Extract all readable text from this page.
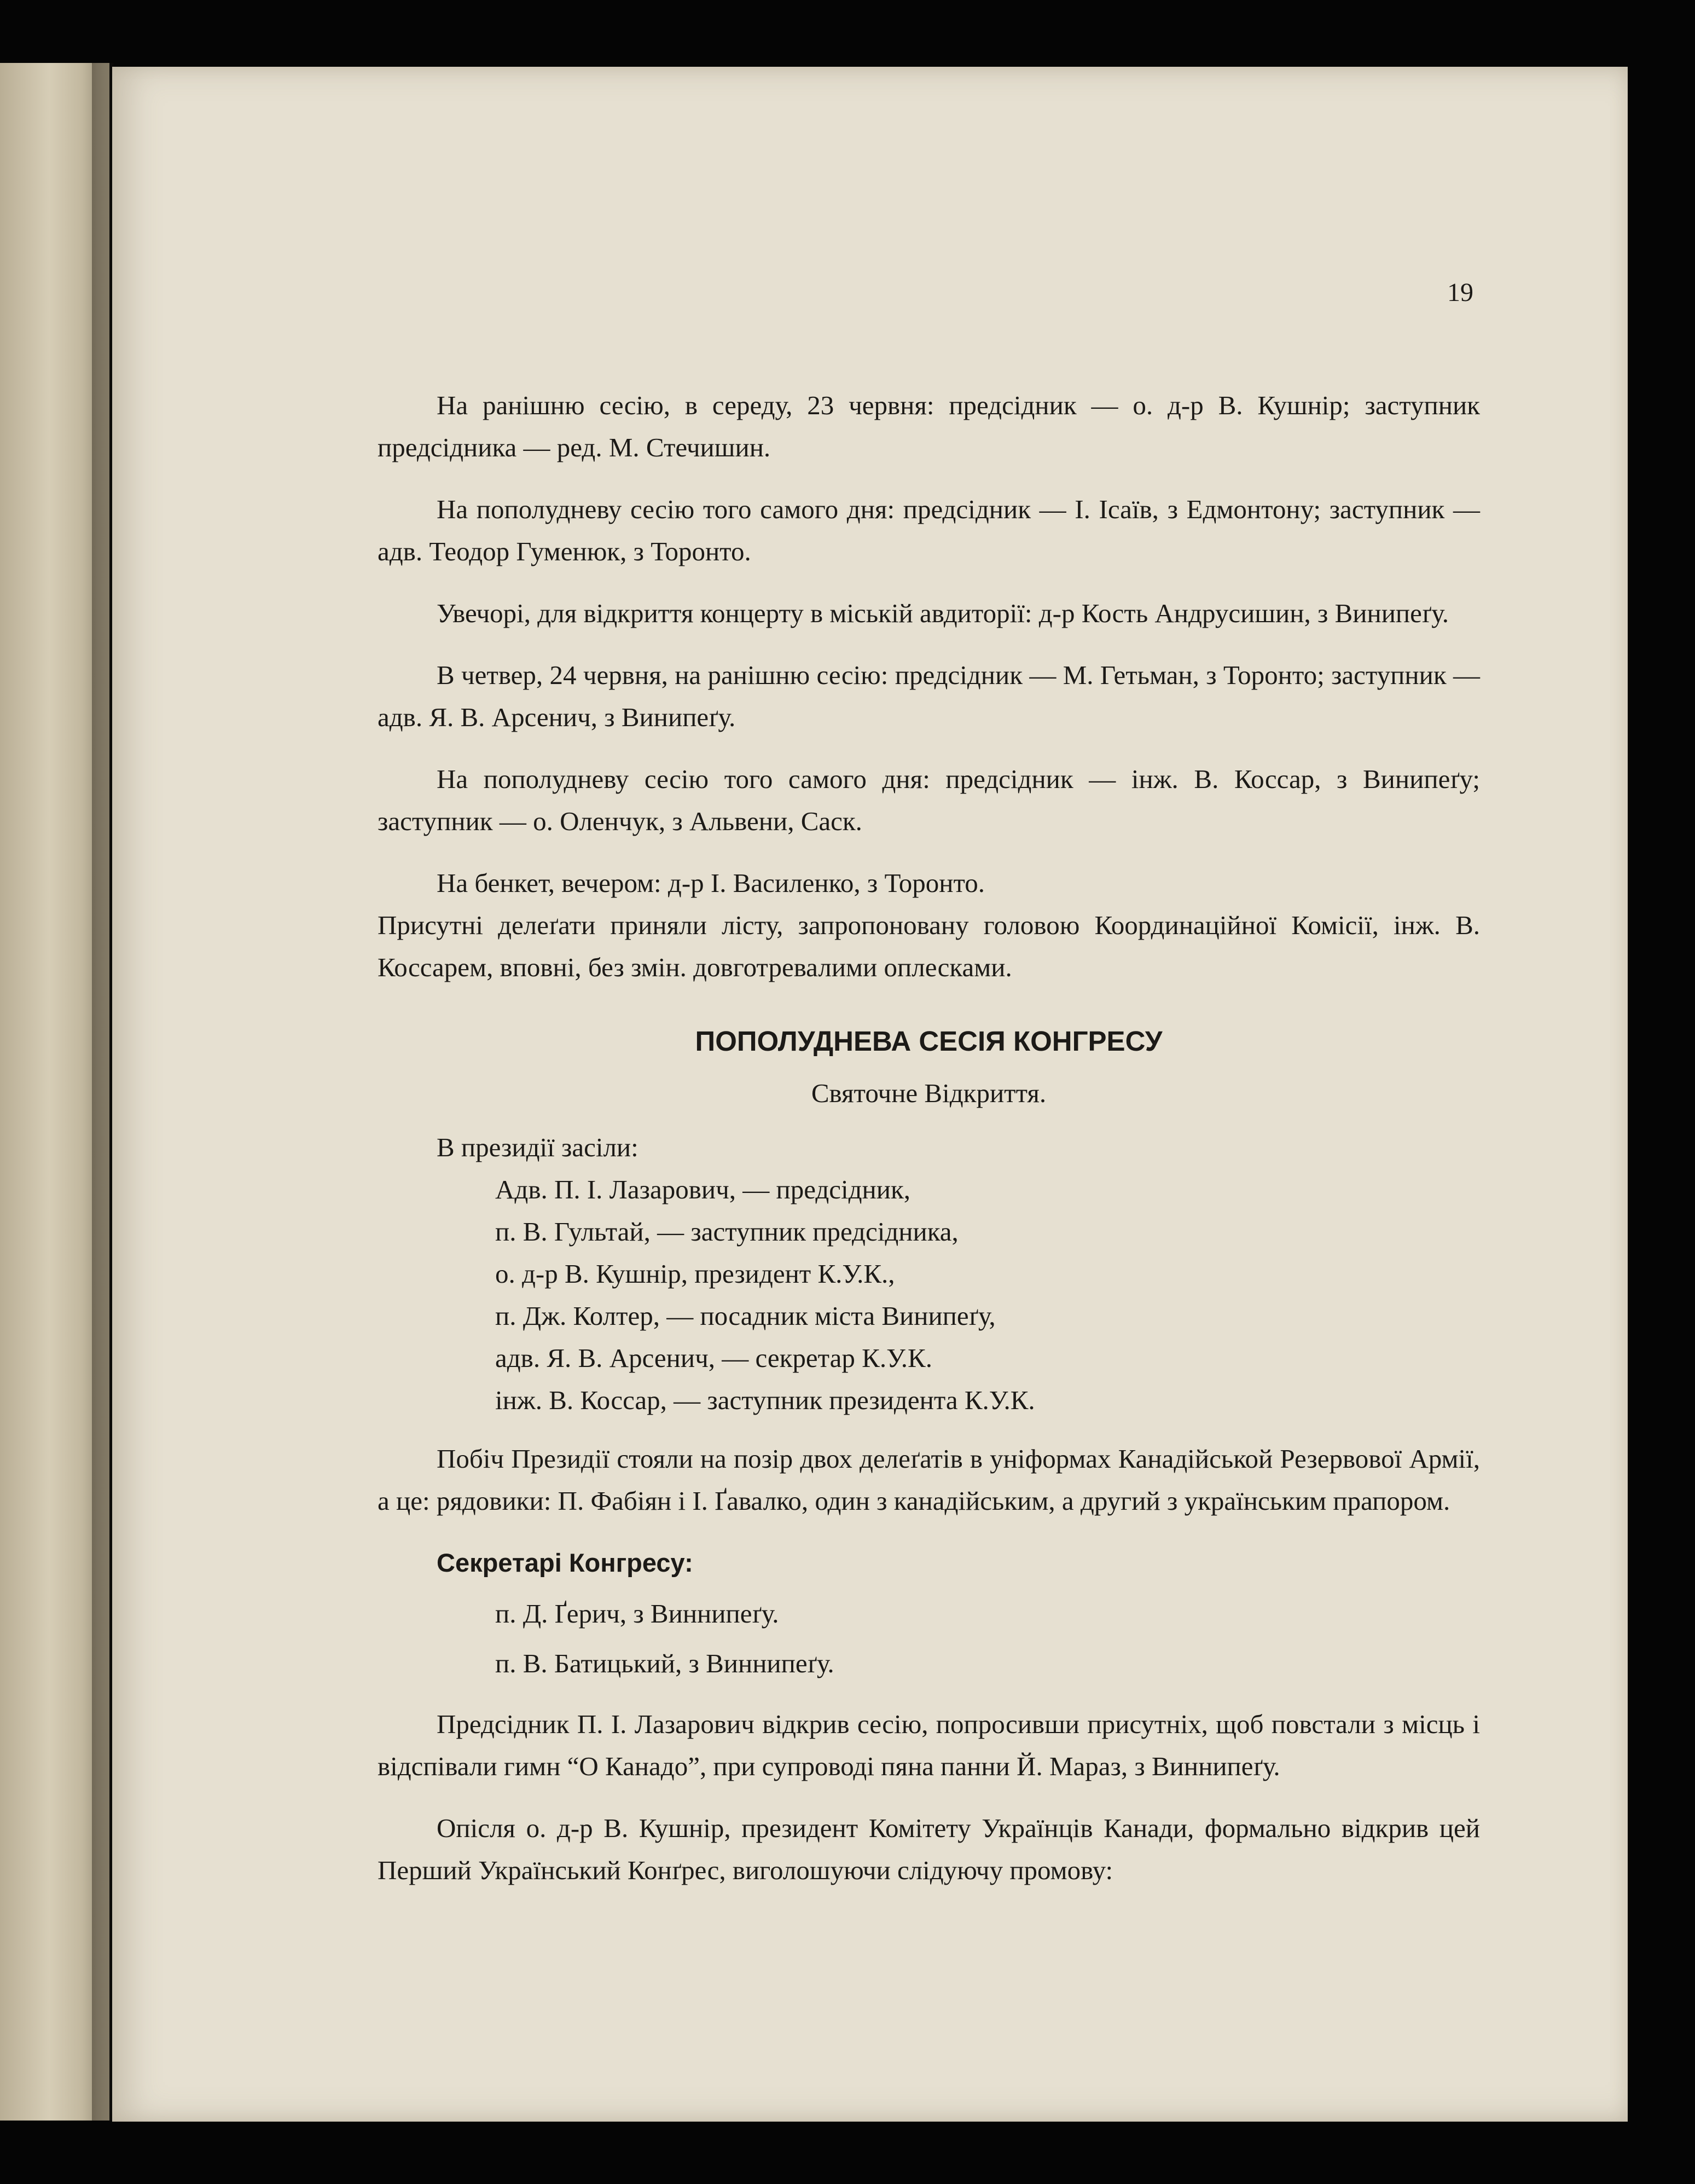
19

На ранішню сесію, в середу, 23 червня: предсідник — о. д-р В. Кушнір; заступник предсідника — ред. М. Стечишин.

На пополудневу сесію того самого дня: предсідник — І. Ісаїв, з Едмонтону; заступник — адв. Теодор Гуменюк, з Торонто.

Увечорі, для відкриття концерту в міській авдиторії: д-р Кость Андрусишин, з Винипеґу.

В четвер, 24 червня, на ранішню сесію: предсідник — М. Гетьман, з Торонто; заступник — адв. Я. В. Арсенич, з Винипеґу.

На пополудневу сесію того самого дня: предсідник — інж. В. Коссар, з Винипеґу; заступник — о. Оленчук, з Альвени, Саск.

На бенкет, вечером: д-р І. Василенко, з Торонто.

Присутні делеґати приняли лісту, запропоновану головою Координаційної Комісії, інж. В. Коссарем, вповні, без змін. довготревалими оплесками.

ПОПОЛУДНЕВА СЕСІЯ КОНГРЕСУ
Святочне Відкриття.
В президії засіли:
Адв. П. І. Лазарович, — предсідник,
п. В. Гультай, — заступник предсідника,
о. д-р В. Кушнір, президент К.У.К.,
п. Дж. Колтер, — посадник міста Винипеґу,
адв. Я. В. Арсенич, — секретар К.У.К.
інж. В. Коссар, — заступник президента К.У.К.

Побіч Президії стояли на позір двох делеґатів в уніформах Канадійськой Резервової Армії, а це: рядовики: П. Фабіян і І. Ґавалко, один з канадійським, а другий з українським прапором.

Секретарі Конгресу:
п. Д. Ґерич, з Виннипеґу.
п. В. Батицький, з Виннипеґу.

Предсідник П. І. Лазарович відкрив сесію, попросивши присутніх, щоб повстали з місць і відспівали гимн “О Канадо”, при супроводі пяна панни Й. Мараз, з Виннипеґу.

Опісля о. д-р В. Кушнір, президент Комітету Українців Канади, формально відкрив цей Перший Український Конґрес, виголошуючи слідуючу промову:
